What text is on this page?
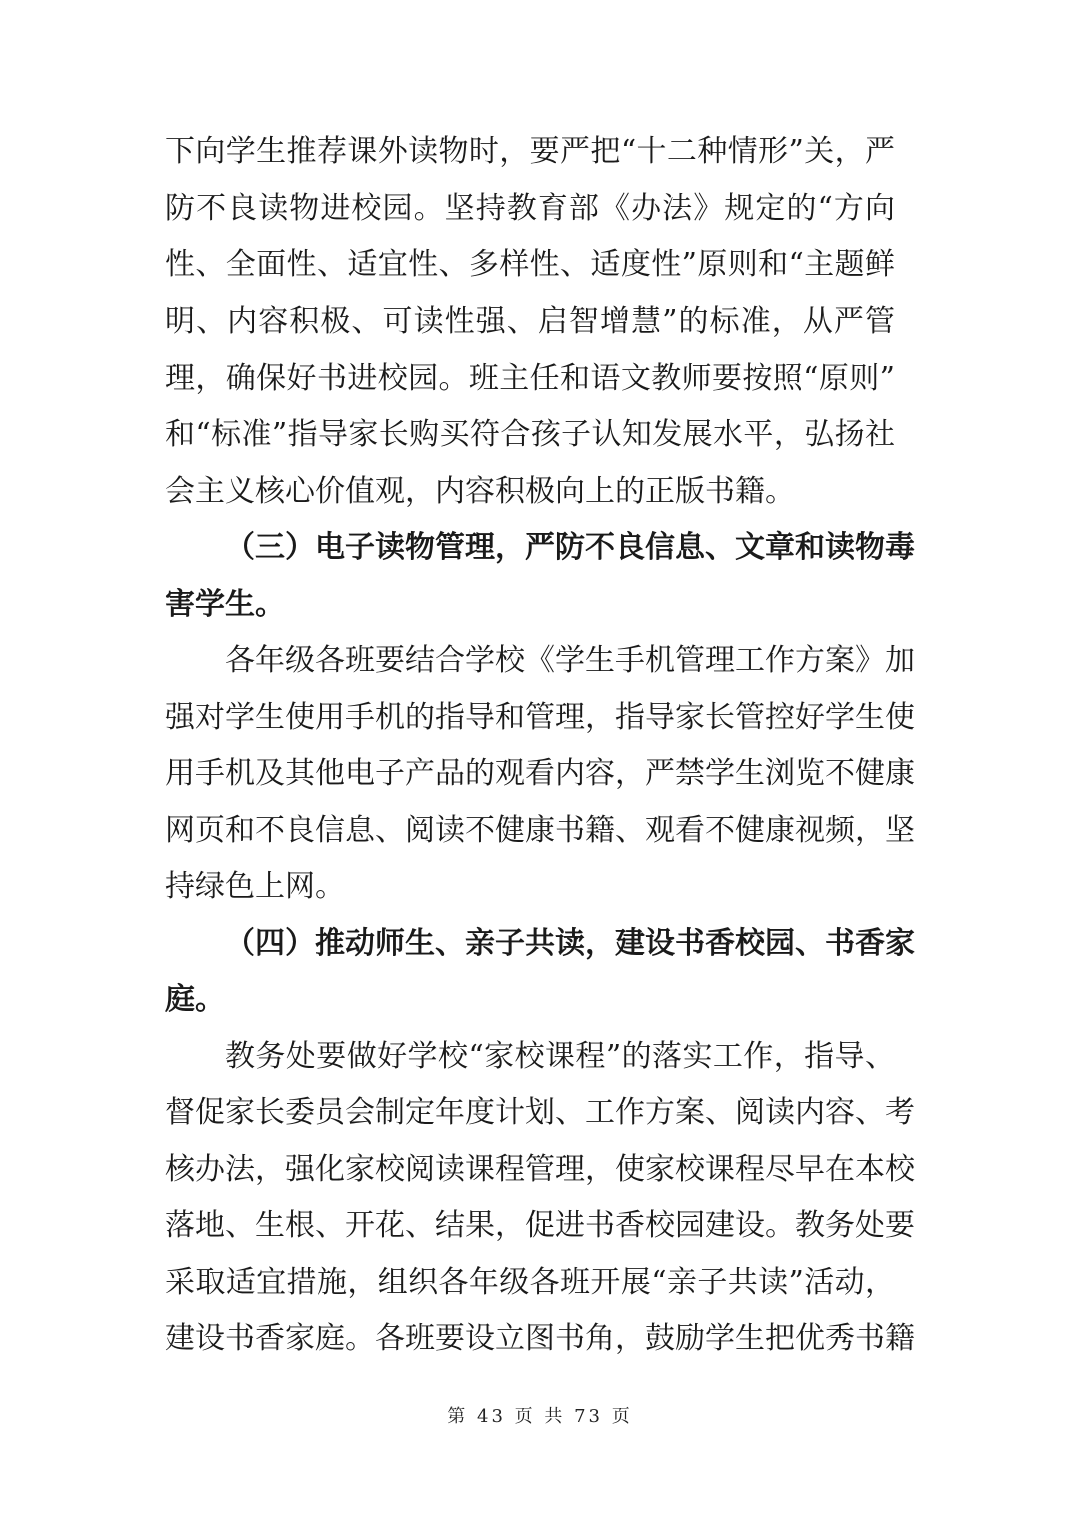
下向学生推荐课外读物时，要严把“十二种情形”关，严
防不良读物进校园。坚持教育部《办法》规定的“方向
性、全面性、适宜性、多样性、适度性”原则和“主题鲜
明、内容积极、可读性强、启智增慧”的标准，从严管
理，确保好书进校园。班主任和语文教师要按照“原则”
和“标准”指导家长购买符合孩子认知发展水平，弘扬社
会主义核心价值观，内容积极向上的正版书籍。
（三）电子读物管理，严防不良信息、文章和读物毒
害学生。
各年级各班要结合学校《学生手机管理工作方案》加
强对学生使用手机的指导和管理，指导家长管控好学生使
用手机及其他电子产品的观看内容，严禁学生浏览不健康
网页和不良信息、阅读不健康书籍、观看不健康视频，坚
持绿色上网。
（四）推动师生、亲子共读，建设书香校园、书香家
庭。
教务处要做好学校“家校课程”的落实工作，指导、
督促家长委员会制定年度计划、工作方案、阅读内容、考
核办法，强化家校阅读课程管理，使家校课程尽早在本校
落地、生根、开花、结果，促进书香校园建设。教务处要
采取适宜措施，组织各年级各班开展“亲子共读”活动，
建设书香家庭。各班要设立图书角，鼓励学生把优秀书籍
第 43 页 共 73 页
